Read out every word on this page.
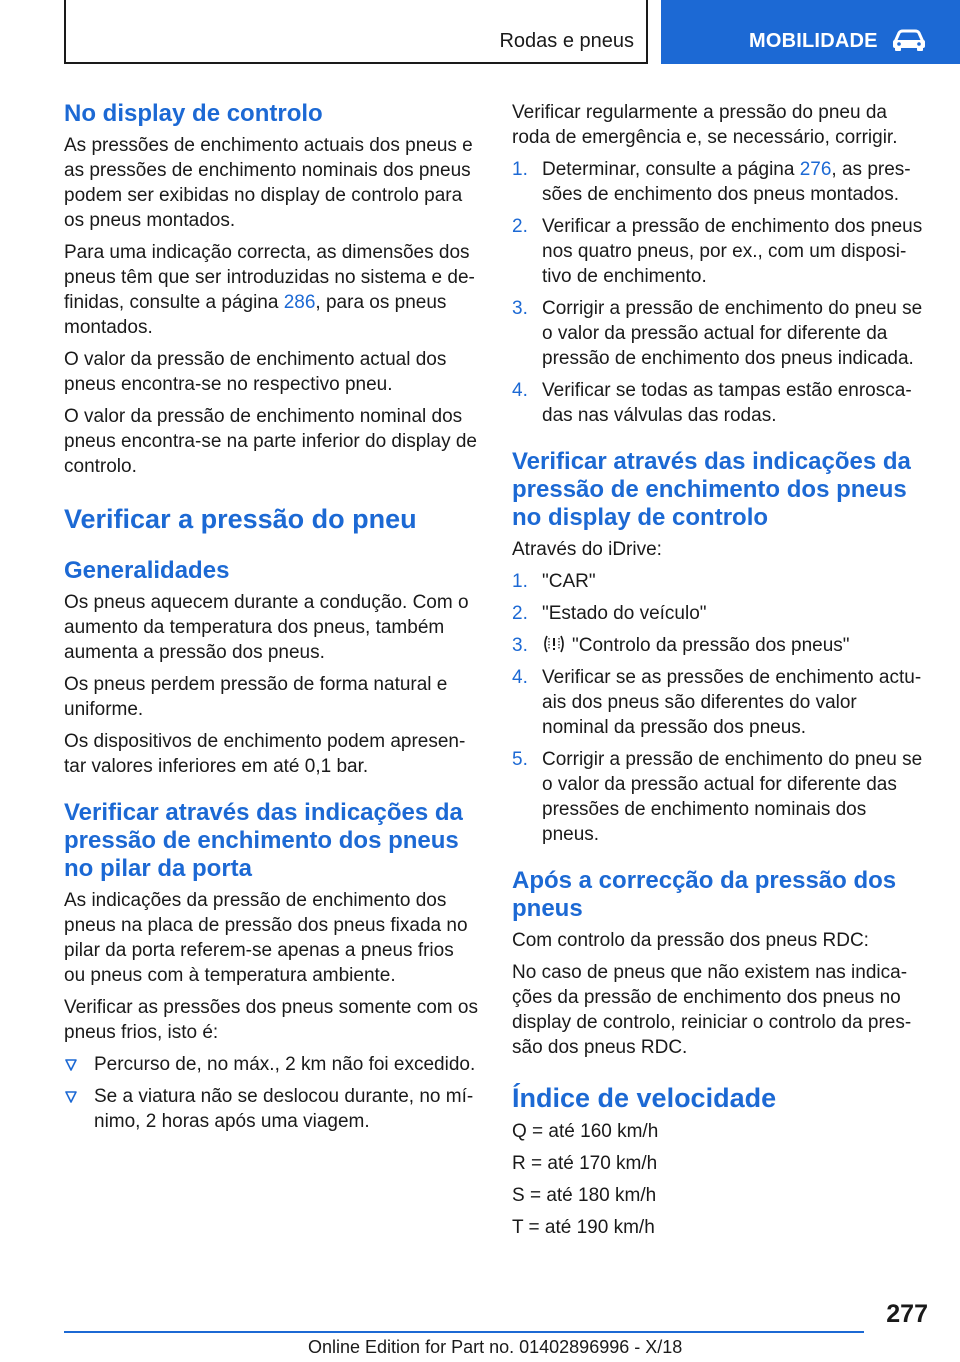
Rodas e pneus	MOBILIDADE
No display de controlo

As pressões de enchimento actuais dos pneus e as pressões de enchimento nominais dos pneus podem ser exibidas no display de controlo para os pneus montados.

Para uma indicação correcta, as dimensões dos pneus têm que ser introduzidas no sistema e definidas, consulte a página 286, para os pneus montados.

O valor da pressão de enchimento actual dos pneus encontra-se no respectivo pneu.

O valor da pressão de enchimento nominal dos pneus encontra-se na parte inferior do display de controlo.

Verificar a pressão do pneu
Generalidades

Os pneus aquecem durante a condução. Com o aumento da temperatura dos pneus, também aumenta a pressão dos pneus.

Os pneus perdem pressão de forma natural e uniforme.

Os dispositivos de enchimento podem apresentar valores inferiores em até 0,1 bar.

Verificar através das indicações da pressão de enchimento dos pneus no pilar da porta

As indicações da pressão de enchimento dos pneus na placa de pressão dos pneus fixada no pilar da porta referem-se apenas a pneus frios ou pneus com à temperatura ambiente.

Verificar as pressões dos pneus somente com os pneus frios, isto é:

Percurso de, no máx., 2 km não foi excedido.
Se a viatura não se deslocou durante, no mínimo, 2 horas após uma viagem.

Verificar regularmente a pressão do pneu da roda de emergência e, se necessário, corrigir.

1. Determinar, consulte a página 276, as pressões de enchimento dos pneus montados.
2. Verificar a pressão de enchimento dos pneus nos quatro pneus, por ex., com um dispositivo de enchimento.
3. Corrigir a pressão de enchimento do pneu se o valor da pressão actual for diferente da pressão de enchimento dos pneus indicada.
4. Verificar se todas as tampas estão enroscadas nas válvulas das rodas.
Verificar através das indicações da pressão de enchimento dos pneus no display de controlo

Através do iDrive:

1. "CAR"
2. "Estado do veículo"
3. "Controlo da pressão dos pneus"
4. Verificar se as pressões de enchimento actuais dos pneus são diferentes do valor nominal da pressão dos pneus.
5. Corrigir a pressão de enchimento do pneu se o valor da pressão actual for diferente das pressões de enchimento nominais dos pneus.
Após a correcção da pressão dos pneus

Com controlo da pressão dos pneus RDC:

No caso de pneus que não existem nas indicações da pressão de enchimento dos pneus no display de controlo, reiniciar o controlo da pressão dos pneus RDC.

Índice de velocidade

Q = até 160 km/h

R = até 170 km/h

S = até 180 km/h

T = até 190 km/h

277
Online Edition for Part no. 01402896996 - X/18
